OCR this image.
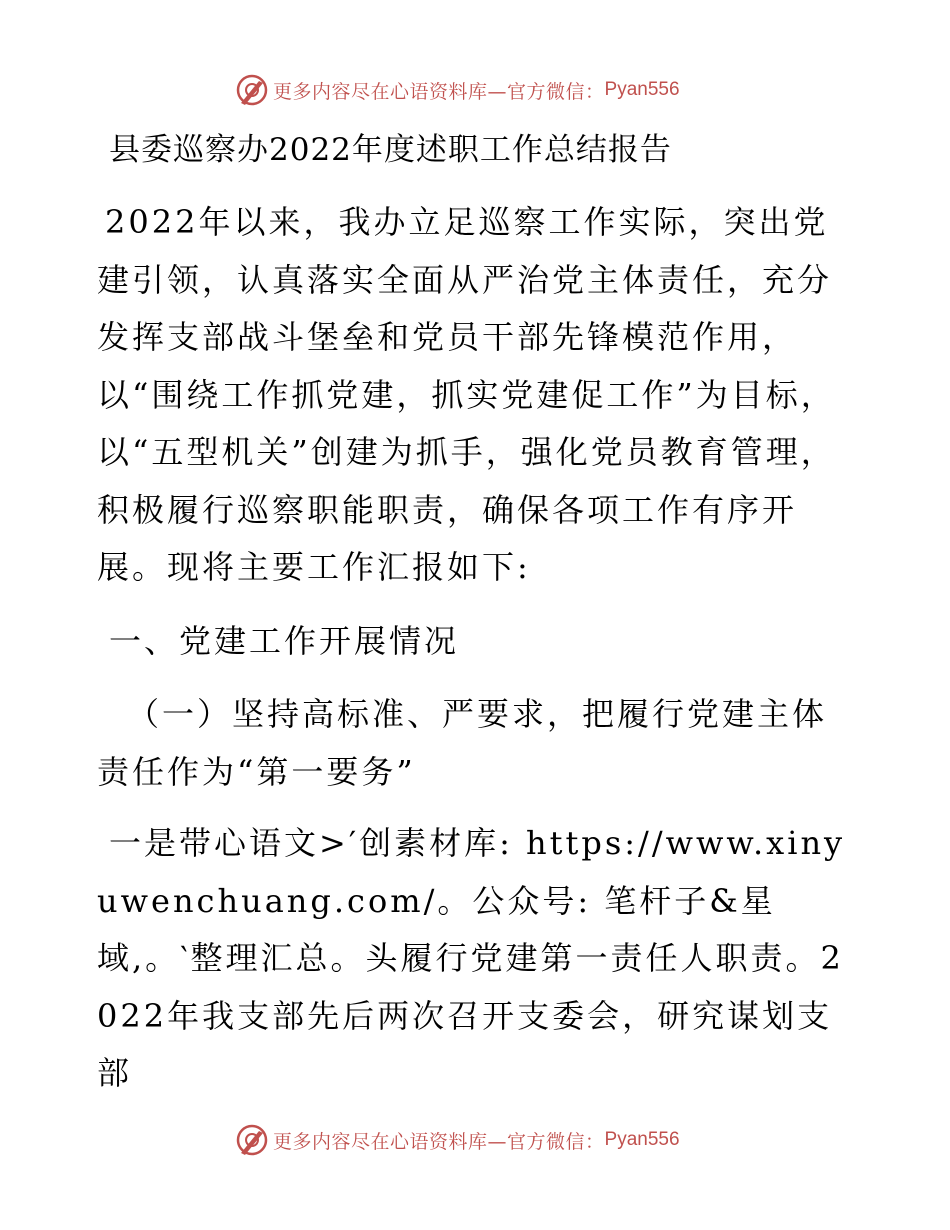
更多内容尽在心语资料库—官方微信： Pyan556
县委巡察办2022年度述职工作总结报告

2022年以来，我办立足巡察工作实际，突出党建引领，认真落实全面从严治党主体责任，充分发挥支部战斗堡垒和党员干部先锋模范作用，以“围绕工作抓党建，抓实党建促工作”为目标，以“五型机关”创建为抓手，强化党员教育管理，积极履行巡察职能职责，确保各项工作有序开展。现将主要工作汇报如下:

一、党建工作开展情况

（一）坚持高标准、严要求，把履行党建主体责任作为“第一要务”

一是带心语文>′创素材库: https://www.xinyuwenchuang.com/。公众号: 笔杆子&星域,。‵整理汇总。头履行党建第一责任人职责。2022年我支部先后两次召开支委会，研究谋划支部

更多内容尽在心语资料库—官方微信： Pyan556
